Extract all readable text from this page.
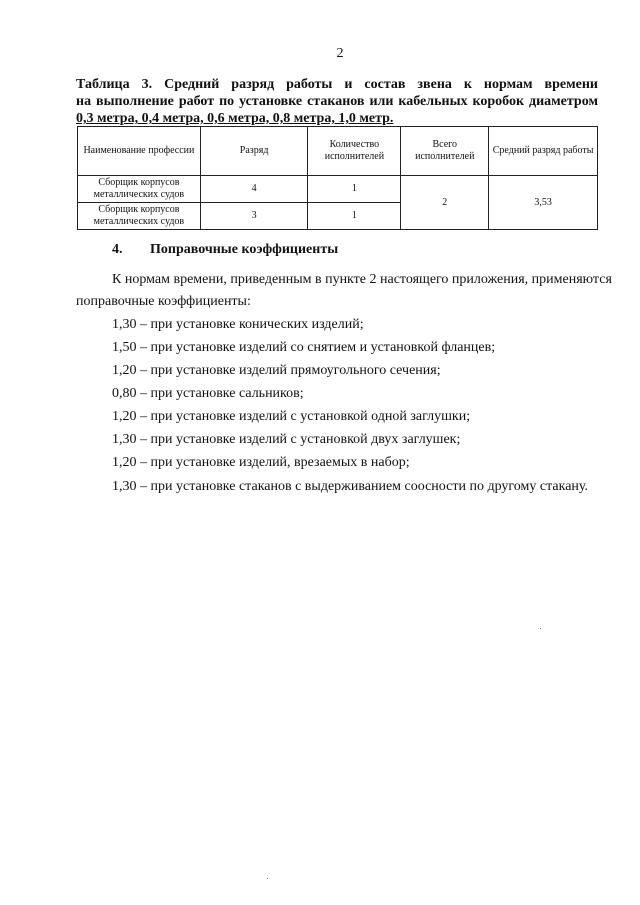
2
Таблица 3. Средний разряд работы и состав звена к нормам времени
на выполнение работ по установке стаканов или кабельных коробок диаметром
0,3 метра, 0,4 метра, 0,6 метра, 0,8 метра, 1,0 метр.
Наименование профессии	Разряд	Количество исполнителей	Всего исполнителей	Средний разряд работы
Сборщик корпусов металлических судов	4	1	2	3,53
Сборщик корпусов металлических судов	3	1		
4. Поправочные коэффициенты
К нормам времени, приведенным в пункте 2 настоящего приложения, применяются
поправочные коэффициенты:
1,30 – при установке конических изделий;
1,50 – при установке изделий со снятием и установкой фланцев;
1,20 – при установке изделий прямоугольного сечения;
0,80 – при установке сальников;
1,20 – при установке изделий с установкой одной заглушки;
1,30 – при установке изделий с установкой двух заглушек;
1,20 – при установке изделий, врезаемых в набор;
1,30 – при установке стаканов с выдерживанием соосности по другому стакану.
